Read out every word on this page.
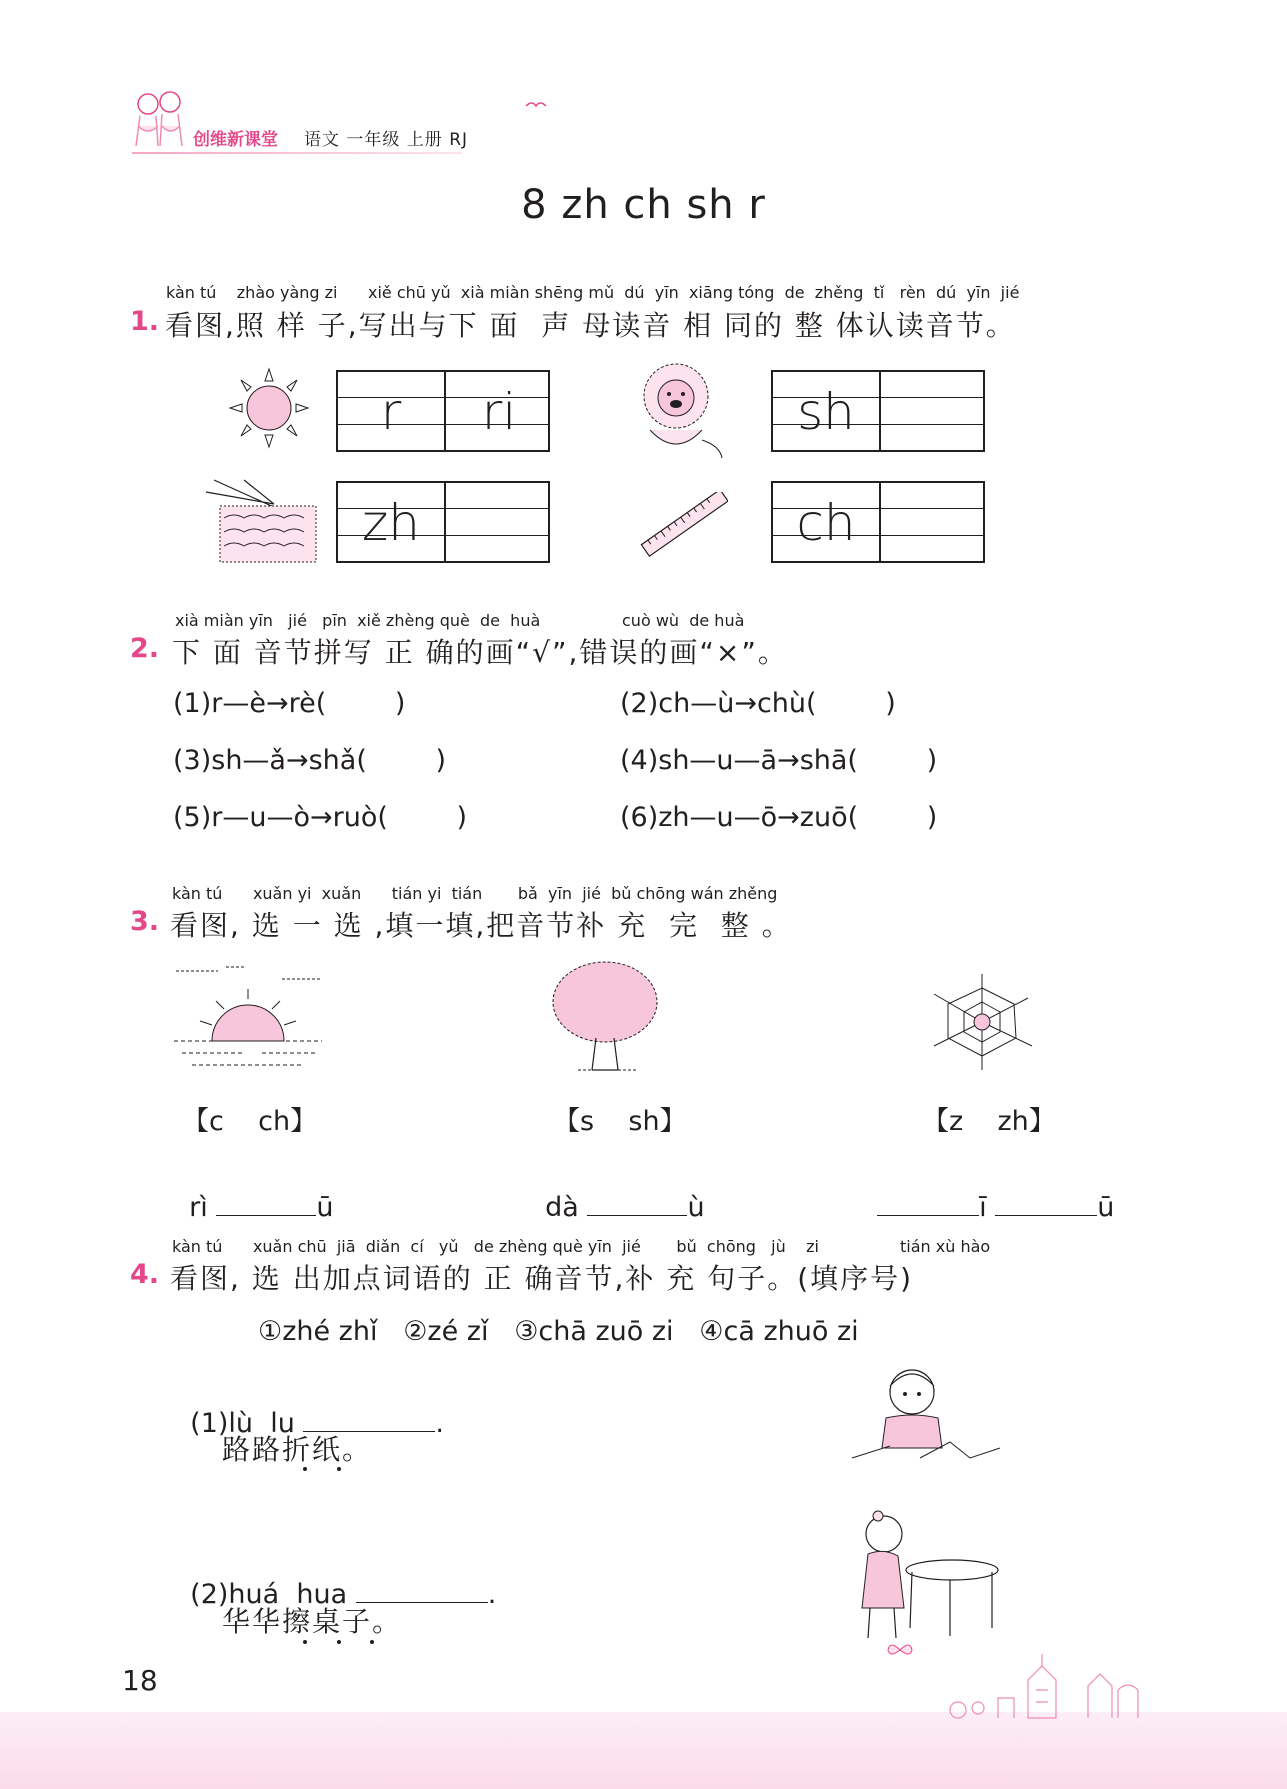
创维新课堂 语文 一年级 上册 RJ
8 zh ch sh r
kàn tú    zhào yàng zi      xiě chū yǔ  xià miàn shēng mǔ  dú  yīn  xiāng tóng  de  zhěng  tǐ   rèn  dú  yīn  jié
1. 看图,照 样 子,写出与下 面  声 母读音 相 同的 整 体认读音节。
r	ri	sh
zh	ch
xià miàn yīn   jié   pīn  xiě zhèng què  de  huà	cuò wù  de huà
2. 下 面 音节拼写 正 确的画“√”,错误的画“×”。
(1)r—è→rè(        )	(2)ch—ù→chù(        )
(3)sh—ǎ→shǎ(        )	(4)sh—u—ā→shā(        )
(5)r—u—ò→ruò(        )	(6)zh—u—ō→zuō(        )
kàn tú      xuǎn yi  xuǎn      tián yi  tián       bǎ  yīn  jié  bǔ chōng wán zhěng
3. 看图, 选 一 选 ,填一填,把音节补 充  完  整 。
【c    ch】	【s    sh】	【z    zh】

rì	ū	dà	ù	ī	ū

kàn tú      xuǎn chū  jiā  diǎn  cí   yǔ   de zhèng què yīn  jié       bǔ  chōng   jù    zi	tián xù hào
4. 看图, 选 出加点词语的 正 确音节,补 充 句子。(填序号)
①zhé zhǐ   ②zé zǐ   ③chā zuō zi   ④cā zhuō zi

(1)lù  lu	.

路路折纸。

(2)huá  hua	.

华华擦桌子。
18
